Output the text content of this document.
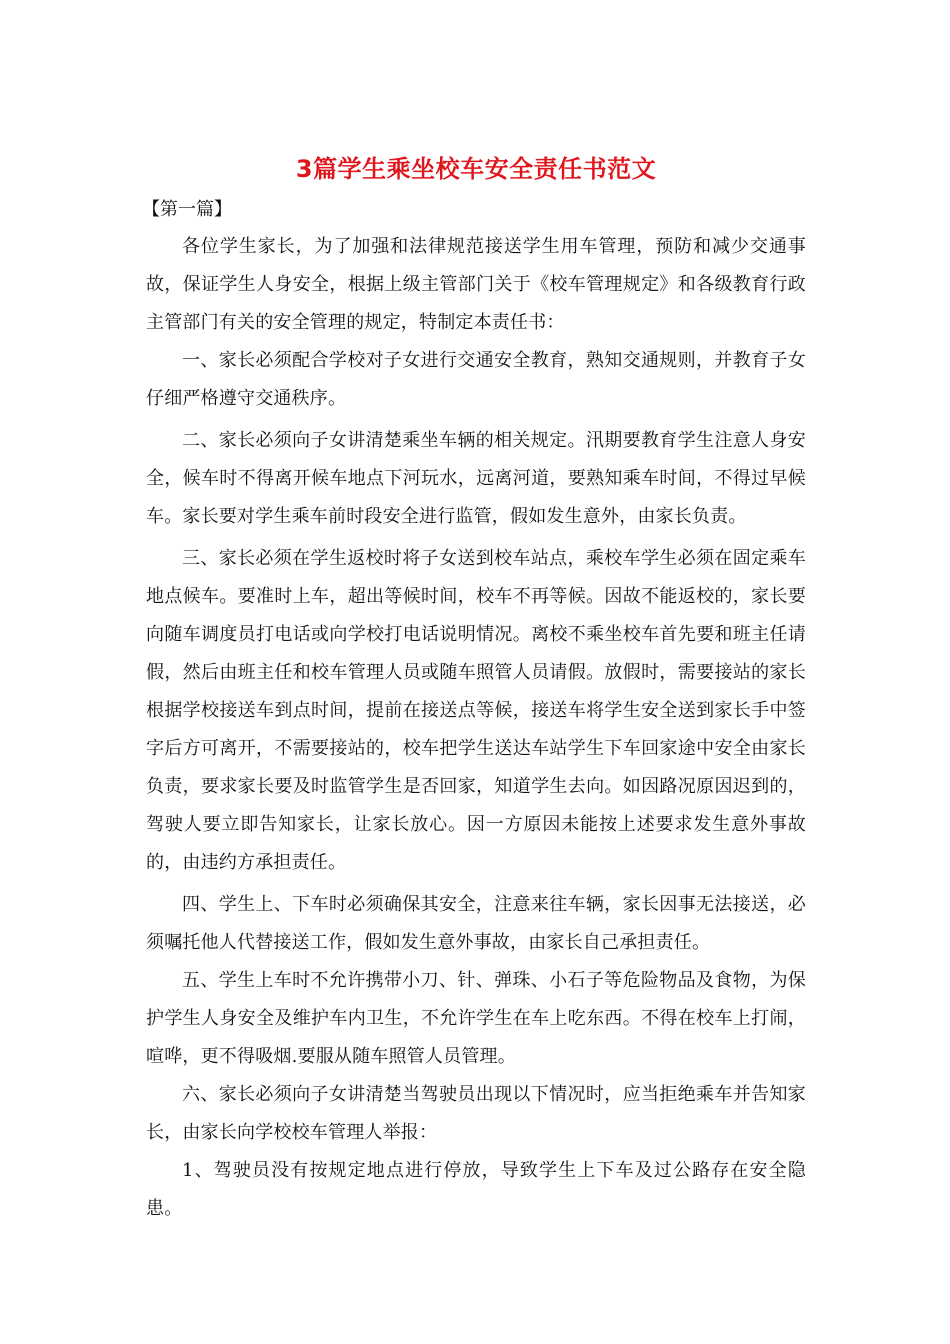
3篇学生乘坐校车安全责任书范文
【第一篇】

各位学生家长，为了加强和法律规范接送学生用车管理，预防和减少交通事故，保证学生人身安全，根据上级主管部门关于《校车管理规定》和各级教育行政主管部门有关的安全管理的规定，特制定本责任书：

一、家长必须配合学校对子女进行交通安全教育，熟知交通规则，并教育子女仔细严格遵守交通秩序。

二、家长必须向子女讲清楚乘坐车辆的相关规定。汛期要教育学生注意人身安全，候车时不得离开候车地点下河玩水，远离河道，要熟知乘车时间，不得过早候车。家长要对学生乘车前时段安全进行监管，假如发生意外，由家长负责。

三、家长必须在学生返校时将子女送到校车站点，乘校车学生必须在固定乘车地点候车。要准时上车，超出等候时间，校车不再等候。因故不能返校的，家长要向随车调度员打电话或向学校打电话说明情况。离校不乘坐校车首先要和班主任请假，然后由班主任和校车管理人员或随车照管人员请假。放假时，需要接站的家长根据学校接送车到点时间，提前在接送点等候，接送车将学生安全送到家长手中签字后方可离开，不需要接站的，校车把学生送达车站学生下车回家途中安全由家长负责，要求家长要及时监管学生是否回家，知道学生去向。如因路况原因迟到的，驾驶人要立即告知家长，让家长放心。因一方原因未能按上述要求发生意外事故的，由违约方承担责任。

四、学生上、下车时必须确保其安全，注意来往车辆，家长因事无法接送，必须嘱托他人代替接送工作，假如发生意外事故，由家长自己承担责任。

五、学生上车时不允许携带小刀、针、弹珠、小石子等危险物品及食物，为保护学生人身安全及维护车内卫生，不允许学生在车上吃东西。不得在校车上打闹，喧哗，更不得吸烟.要服从随车照管人员管理。

六、家长必须向子女讲清楚当驾驶员出现以下情况时，应当拒绝乘车并告知家长，由家长向学校校车管理人举报：

1、驾驶员没有按规定地点进行停放，导致学生上下车及过公路存在安全隐患。
